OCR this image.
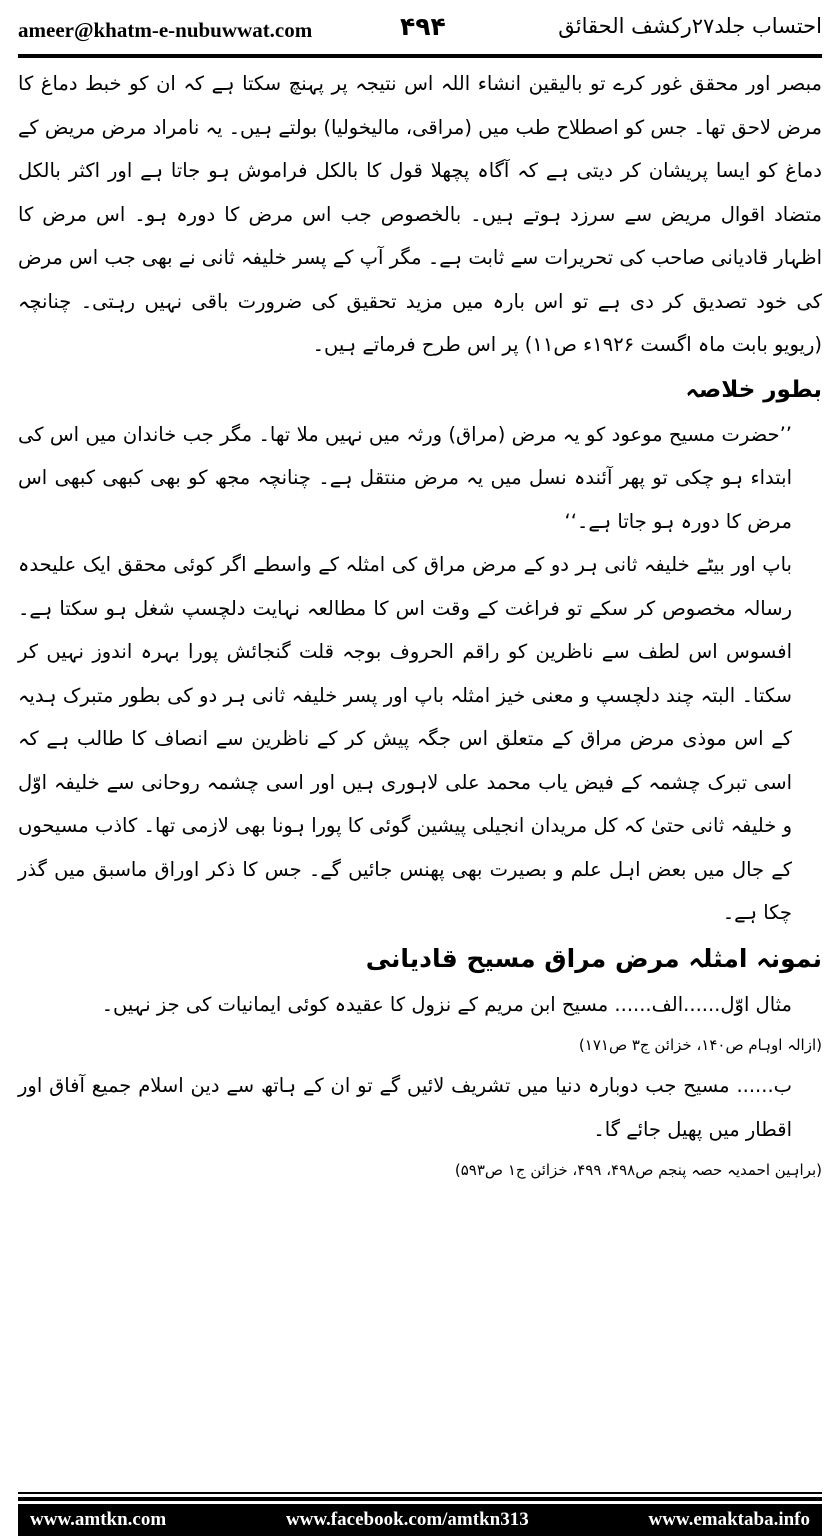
ameer@khatm-e-nubuwwat.com	۴۹۴	احتساب جلد۲۷رکشف الحقائق

مبصر اور محقق غور کرے تو بالیقین انشاء اللہ اس نتیجہ پر پہنچ سکتا ہے کہ ان کو خبط دماغ کا مرض لاحق تھا۔ جس کو اصطلاح طب میں (مراقی، مالیخولیا) بولتے ہیں۔ یہ نامراد مرض مریض کے دماغ کو ایسا پریشان کر دیتی ہے کہ آگاہ پچھلا قول کا بالکل فراموش ہو جاتا ہے اور اکثر بالکل متضاد اقوال مریض سے سرزد ہوتے ہیں۔ بالخصوص جب اس مرض کا دورہ ہو۔ اس مرض کا اظہار قادیانی صاحب کی تحریرات سے ثابت ہے۔ مگر آپ کے پسر خلیفہ ثانی نے بھی جب اس مرض کی خود تصدیق کر دی ہے تو اس بارہ میں مزید تحقیق کی ضرورت باقی نہیں رہتی۔ چنانچہ (ریویو بابت ماہ اگست ۱۹۲۶ء ص۱۱) پر اس طرح فرماتے ہیں۔

بطور خلاصہ

’’حضرت مسیح موعود کو یہ مرض (مراق) ورثہ میں نہیں ملا تھا۔ مگر جب خاندان میں اس کی ابتداء ہو چکی تو پھر آئندہ نسل میں یہ مرض منتقل ہے۔ چنانچہ مجھ کو بھی کبھی کبھی اس مرض کا دورہ ہو جاتا ہے۔‘‘

باپ اور بیٹے خلیفہ ثانی ہر دو کے مرض مراق کی امثلہ کے واسطے اگر کوئی محقق ایک علیحدہ رسالہ مخصوص کر سکے تو فراغت کے وقت اس کا مطالعہ نہایت دلچسپ شغل ہو سکتا ہے۔ افسوس اس لطف سے ناظرین کو راقم الحروف بوجہ قلت گنجائش پورا بہرہ اندوز نہیں کر سکتا۔ البتہ چند دلچسپ و معنی خیز امثلہ باپ اور پسر خلیفہ ثانی ہر دو کی بطور متبرک ہدیہ کے اس موذی مرض مراق کے متعلق اس جگہ پیش کر کے ناظرین سے انصاف کا طالب ہے کہ اسی تبرک چشمہ کے فیض یاب محمد علی لاہوری ہیں اور اسی چشمہ روحانی سے خلیفہ اوّل و خلیفہ ثانی حتیٰ کہ کل مریدان انجیلی پیشین گوئی کا پورا ہونا بھی لازمی تھا۔ کاذب مسیحوں کے جال میں بعض اہل علم و بصیرت بھی پھنس جائیں گے۔ جس کا ذکر اوراق ماسبق میں گذر چکا ہے۔

نمونہ امثلہ مرض مراق مسیح قادیانی

مثال اوّل......الف...... مسیح ابن مریم کے نزول کا عقیدہ کوئی ایمانیات کی جز نہیں۔

(ازالہ اوہام ص۱۴۰، خزائن ج۳ ص۱۷۱)

ب...... مسیح جب دوبارہ دنیا میں تشریف لائیں گے تو ان کے ہاتھ سے دین اسلام جمیع آفاق اور اقطار میں پھیل جائے گا۔

(براہین احمدیہ حصہ پنجم ص۴۹۸، ۴۹۹، خزائن ج۱ ص۵۹۳)

www.amtkn.com	www.facebook.com/amtkn313	www.emaktaba.info
